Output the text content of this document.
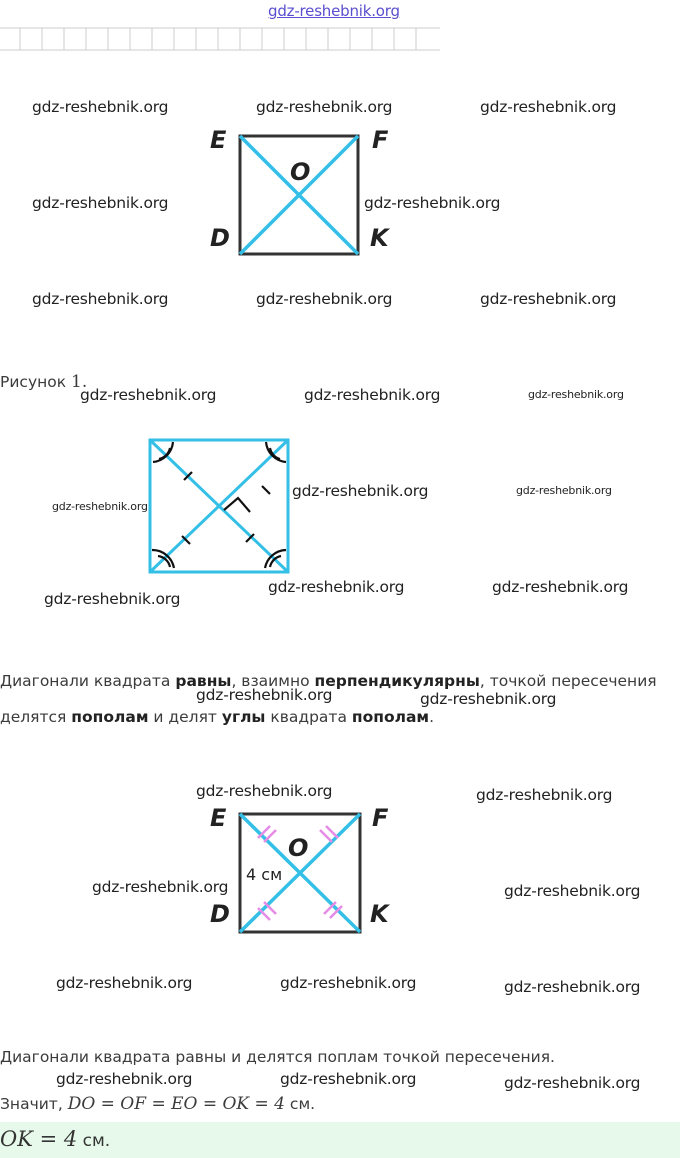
gdz-reshebnik.org
E	F
O
D	K
gdz-reshebnik.org	gdz-reshebnik.org	gdz-reshebnik.org
gdz-reshebnik.org	gdz-reshebnik.org
gdz-reshebnik.org	gdz-reshebnik.org	gdz-reshebnik.org
Рисунок 1.
gdz-reshebnik.org	gdz-reshebnik.org	gdz-reshebnik.org
gdz-reshebnik.org	gdz-reshebnik.org
gdz-reshebnik.org
gdz-reshebnik.org	gdz-reshebnik.org
gdz-reshebnik.org
Диагонали квадрата равны, взаимно перпендикулярны, точкой пересечения
делятся пополам и делят углы квадрата пополам.
gdz-reshebnik.org	gdz-reshebnik.org
E	F
O
4 см
D	K
gdz-reshebnik.org	gdz-reshebnik.org
gdz-reshebnik.org	gdz-reshebnik.org
gdz-reshebnik.org	gdz-reshebnik.org	gdz-reshebnik.org
Диагонали квадрата равны и делятся поплам точкой пересечения.
gdz-reshebnik.org	gdz-reshebnik.org	gdz-reshebnik.org
Значит, DO = OF = EO = OK = 4 см.
OK = 4 см.
